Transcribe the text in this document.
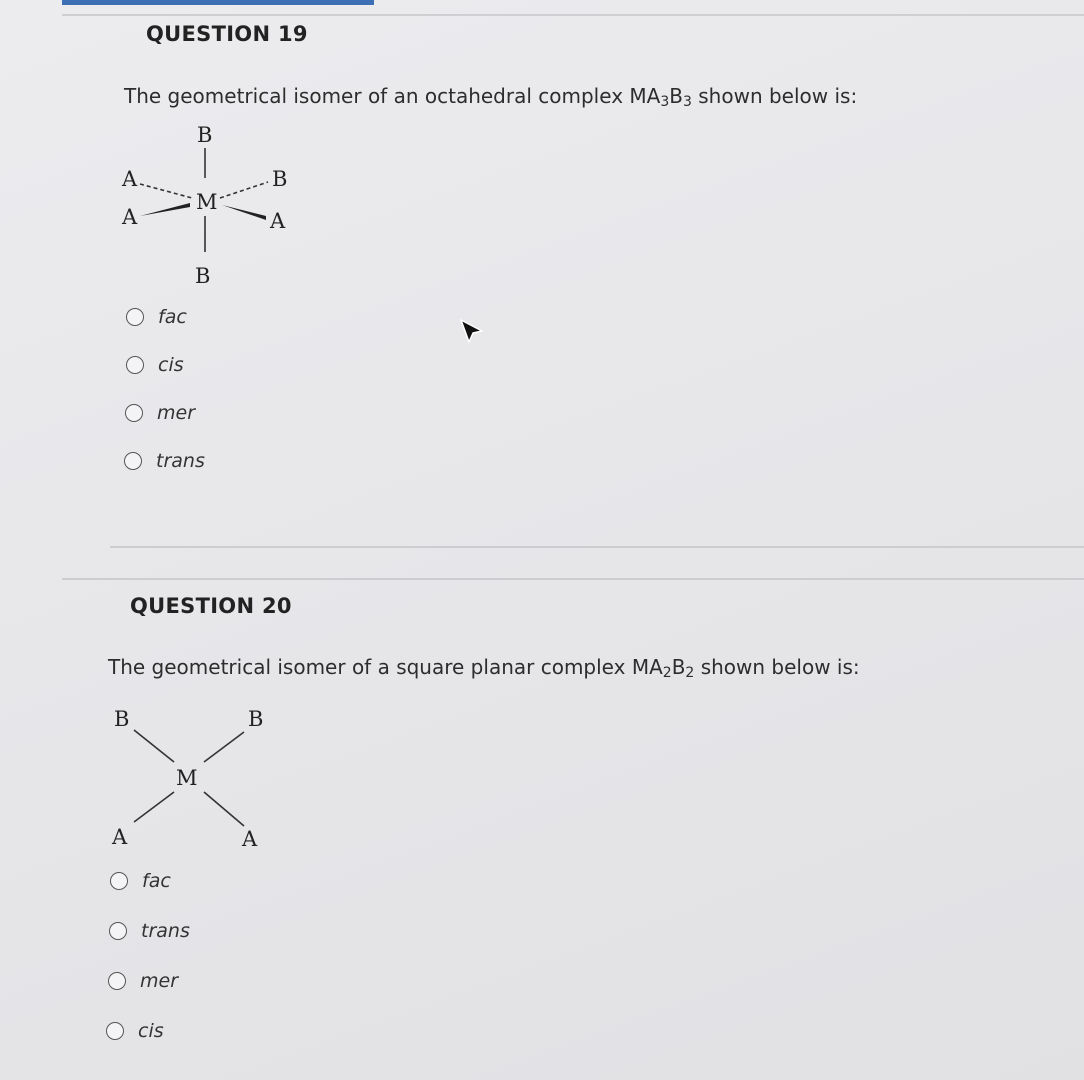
QUESTION 19
The geometrical isomer of an octahedral complex $MA_3B_3$ shown below is:
B
M
B
A
A
B
A
fac
cis
mer
trans
QUESTION 20
The geometrical isomer of a square planar complex $MA_2B_2$ shown below is:
B	B
M
A	A
fac
trans
mer
cis
